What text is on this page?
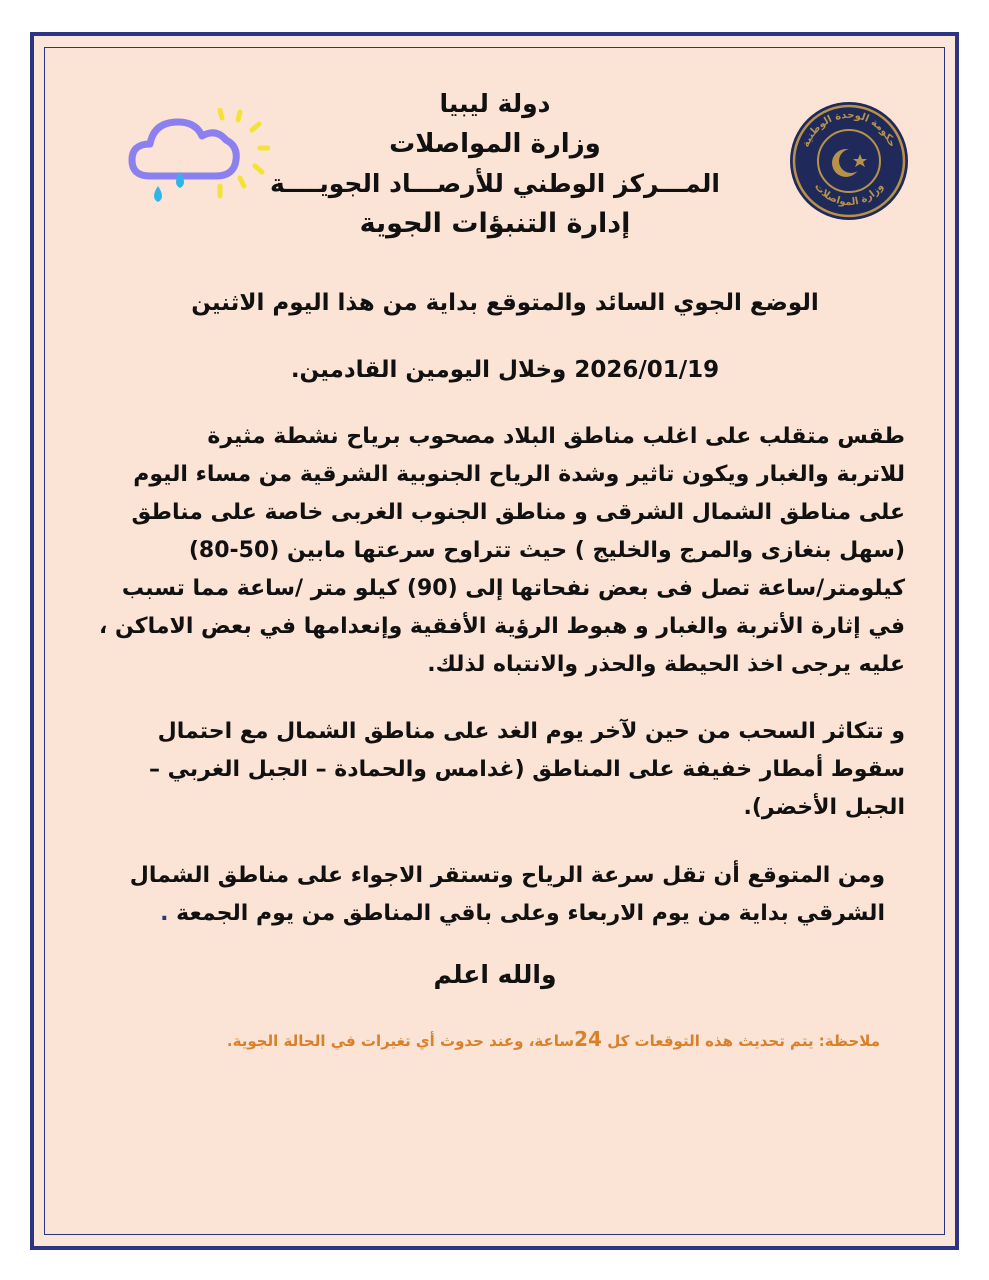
حكومة الوحدة الوطنية
وزارة المواصلات
دولة ليبيا
وزارة المواصلات
المـــركز الوطني للأرصـــاد الجويــــة
إدارة التنبؤات الجوية
الوضع الجوي السائد والمتوقع بداية من هذا اليوم الاثنين
2026/01/19 وخلال اليومين القادمين.
طقس متقلب على اغلب مناطق البلاد مصحوب برياح نشطة مثيرة
للاتربة والغبار ويكون تاثير وشدة الرياح الجنوبية الشرقية من مساء اليوم
على مناطق الشمال الشرقى و مناطق الجنوب الغربى خاصة على مناطق
(سهل بنغازى والمرج والخليج ) حيث تتراوح سرعتها مابين (50-80)
كيلومتر/ساعة تصل فى بعض نفحاتها إلى (90) كيلو متر /ساعة مما تسبب
في إثارة الأتربة والغبار و هبوط الرؤية الأفقية وإنعدامها في بعض الاماكن ،
عليه يرجى اخذ الحيطة والحذر والانتباه لذلك.
و تتكاثر السحب من حين لآخر يوم الغد على مناطق الشمال مع احتمال
سقوط أمطار خفيفة على المناطق (غدامس والحمادة – الجبل الغربي –
الجبل الأخضر).
ومن المتوقع أن تقل سرعة الرياح وتستقر الاجواء على مناطق الشمال
الشرقي بداية من يوم الاربعاء وعلى باقي المناطق من يوم الجمعة .
والله اعلم
ملاحظة: يتم تحديث هذه التوقعات كل 24ساعة، وعند حدوث أي تغيرات في الحالة الجوية.
